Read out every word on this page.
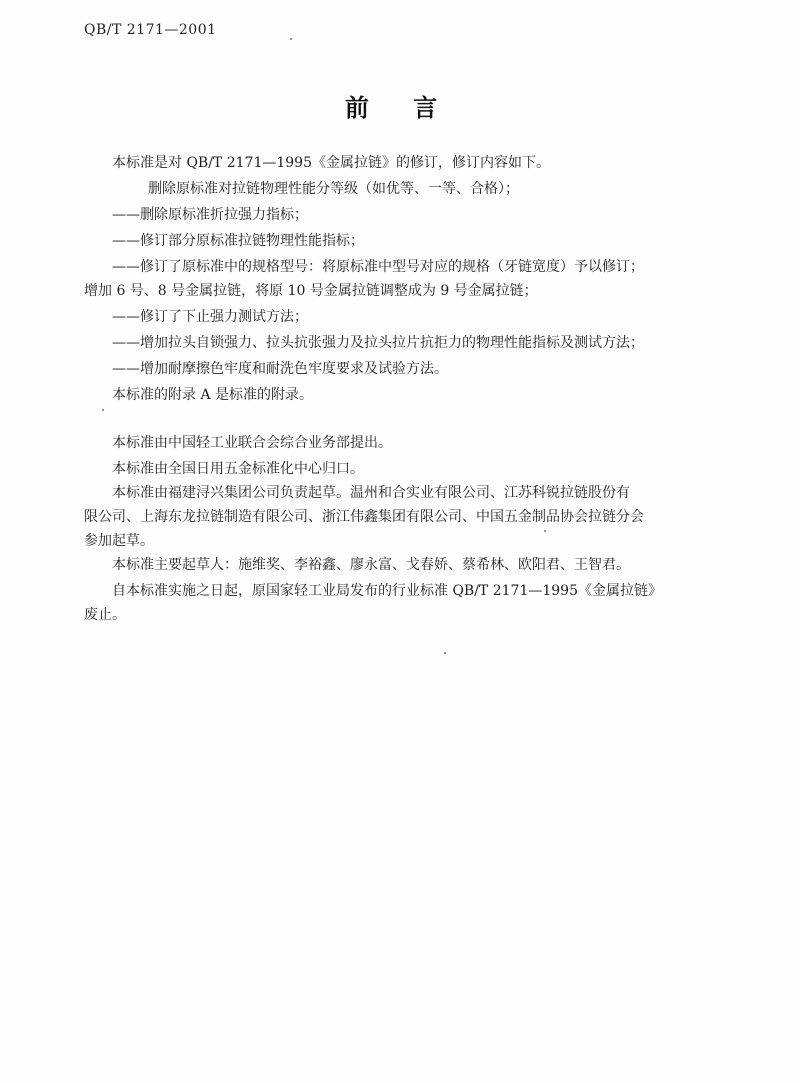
QB/T 2171—2001
前 言
本标准是对 QB/T 2171—1995《金属拉链》的修订，修订内容如下。
删除原标准对拉链物理性能分等级（如优等、一等、合格）；
——删除原标准折拉强力指标；
——修订部分原标准拉链物理性能指标；
——修订了原标准中的规格型号：将原标准中型号对应的规格（牙链宽度）予以修订；
增加 6 号、8 号金属拉链，将原 10 号金属拉链调整成为 9 号金属拉链；
——修订了下止强力测试方法；
——增加拉头自锁强力、拉头抗张强力及拉头拉片抗拒力的物理性能指标及测试方法；
——增加耐摩擦色牢度和耐洗色牢度要求及试验方法。
本标准的附录 A 是标准的附录。
本标准由中国轻工业联合会综合业务部提出。
本标准由全国日用五金标准化中心归口。
本标准由福建浔兴集团公司负责起草。温州和合实业有限公司、江苏科锐拉链股份有
限公司、上海东龙拉链制造有限公司、浙江伟鑫集团有限公司、中国五金制品协会拉链分会
参加起草。
本标准主要起草人：施维奖、李裕鑫、廖永富、戈春娇、蔡希林、欧阳君、王智君。
自本标准实施之日起，原国家轻工业局发布的行业标准 QB/T 2171—1995《金属拉链》
废止。
